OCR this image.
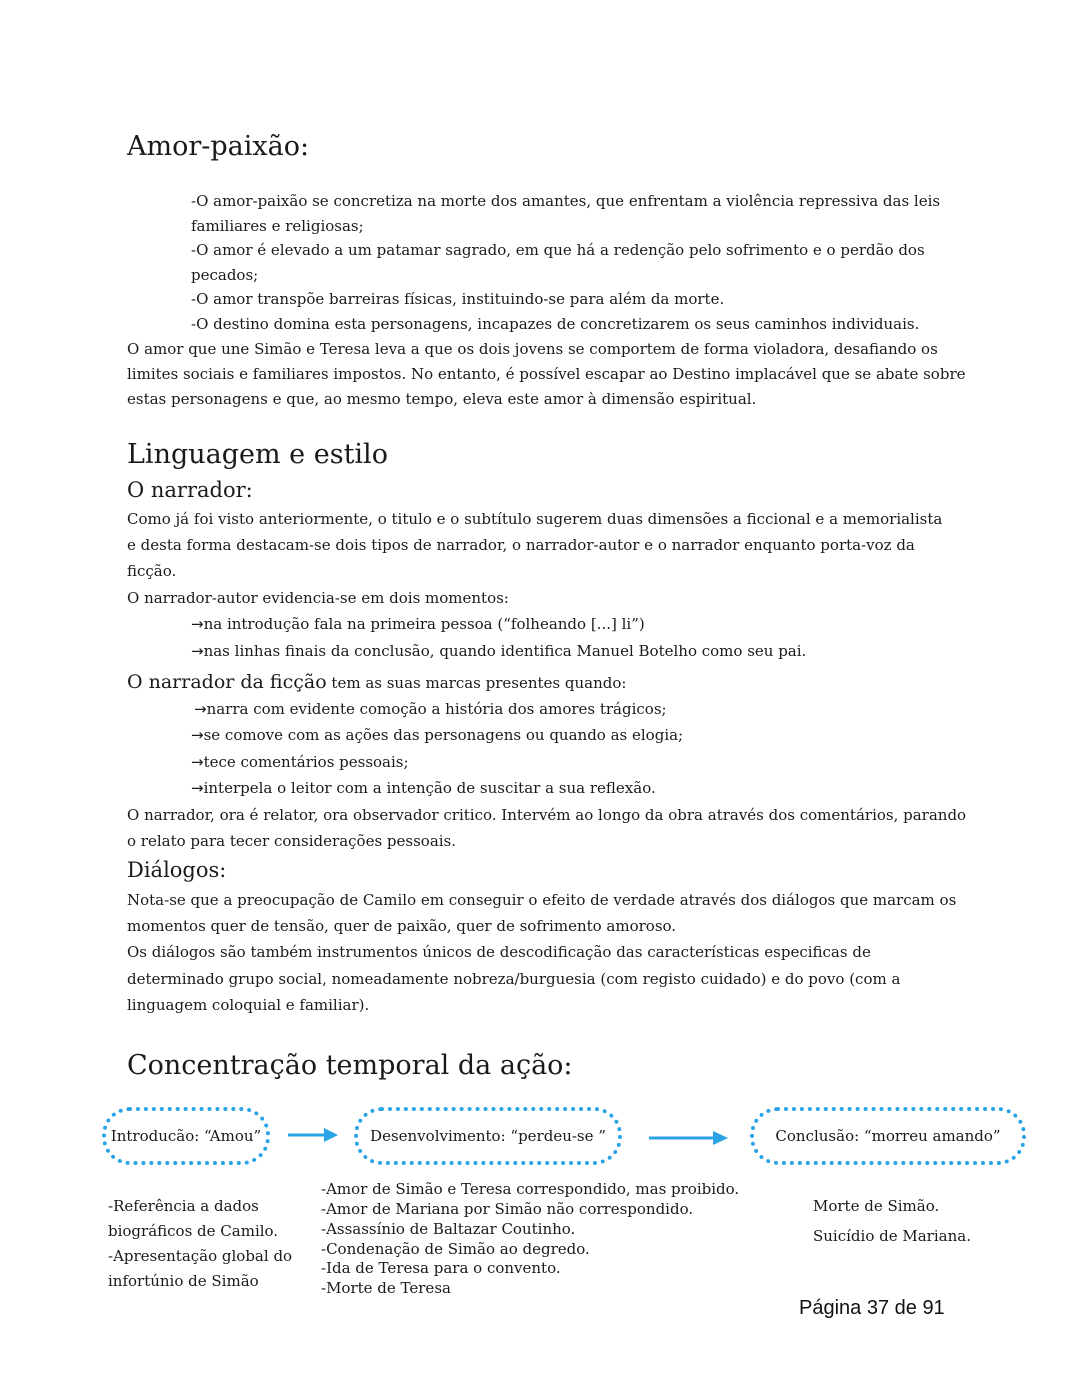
Amor-paixão:
-O amor-paixão se concretiza na morte dos amantes, que enfrentam a violência repressiva das leis
familiares e religiosas;
-O amor é elevado a um patamar sagrado, em que há a redenção pelo sofrimento e o perdão dos
pecados;
-O amor transpõe barreiras físicas, instituindo-se para além da morte.
-O destino domina esta personagens, incapazes de concretizarem os seus caminhos individuais.
O amor que une Simão e Teresa leva a que os dois jovens se comportem de forma violadora, desafiando os
limites sociais e familiares impostos. No entanto, é possível escapar ao Destino implacável que se abate sobre
estas personagens e que, ao mesmo tempo, eleva este amor à dimensão espiritual.
Linguagem e estilo
O narrador:
Como já foi visto anteriormente, o titulo e o subtítulo sugerem duas dimensões a ficcional e a memorialista
e desta forma destacam-se dois tipos de narrador, o narrador-autor e o narrador enquanto porta-voz da
ficção.
O narrador-autor evidencia-se em dois momentos:
→na introdução fala na primeira pessoa (“folheando [...] li”)
→nas linhas finais da conclusão, quando identifica Manuel Botelho como seu pai.
O narrador da ficção tem as suas marcas presentes quando:
→narra com evidente comoção a história dos amores trágicos;
→se comove com as ações das personagens ou quando as elogia;
→tece comentários pessoais;
→interpela o leitor com a intenção de suscitar a sua reflexão.
O narrador, ora é relator, ora observador critico. Intervém ao longo da obra através dos comentários, parando
o relato para tecer considerações pessoais.
Diálogos:
Nota-se que a preocupação de Camilo em conseguir o efeito de verdade através dos diálogos que marcam os
momentos quer de tensão, quer de paixão, quer de sofrimento amoroso.
Os diálogos são também instrumentos únicos de descodificação das características especificas de
determinado grupo social, nomeadamente nobreza/burguesia (com registo cuidado) e do povo (com a
linguagem coloquial e familiar).
Concentração temporal da ação:
Introducão: “Amou”	Desenvolvimento: “perdeu-se ”	Conclusão: “morreu amando”
-Referência a dados
biográficos de Camilo.
-Apresentação global do
infortúnio de Simão
-Amor de Simão e Teresa correspondido, mas proibido.
-Amor de Mariana por Simão não correspondido.
-Assassínio de Baltazar Coutinho.
-Condenação de Simão ao degredo.
-Ida de Teresa para o convento.
-Morte de Teresa
Morte de Simão.
Suicídio de Mariana.
Página 37 de 91
